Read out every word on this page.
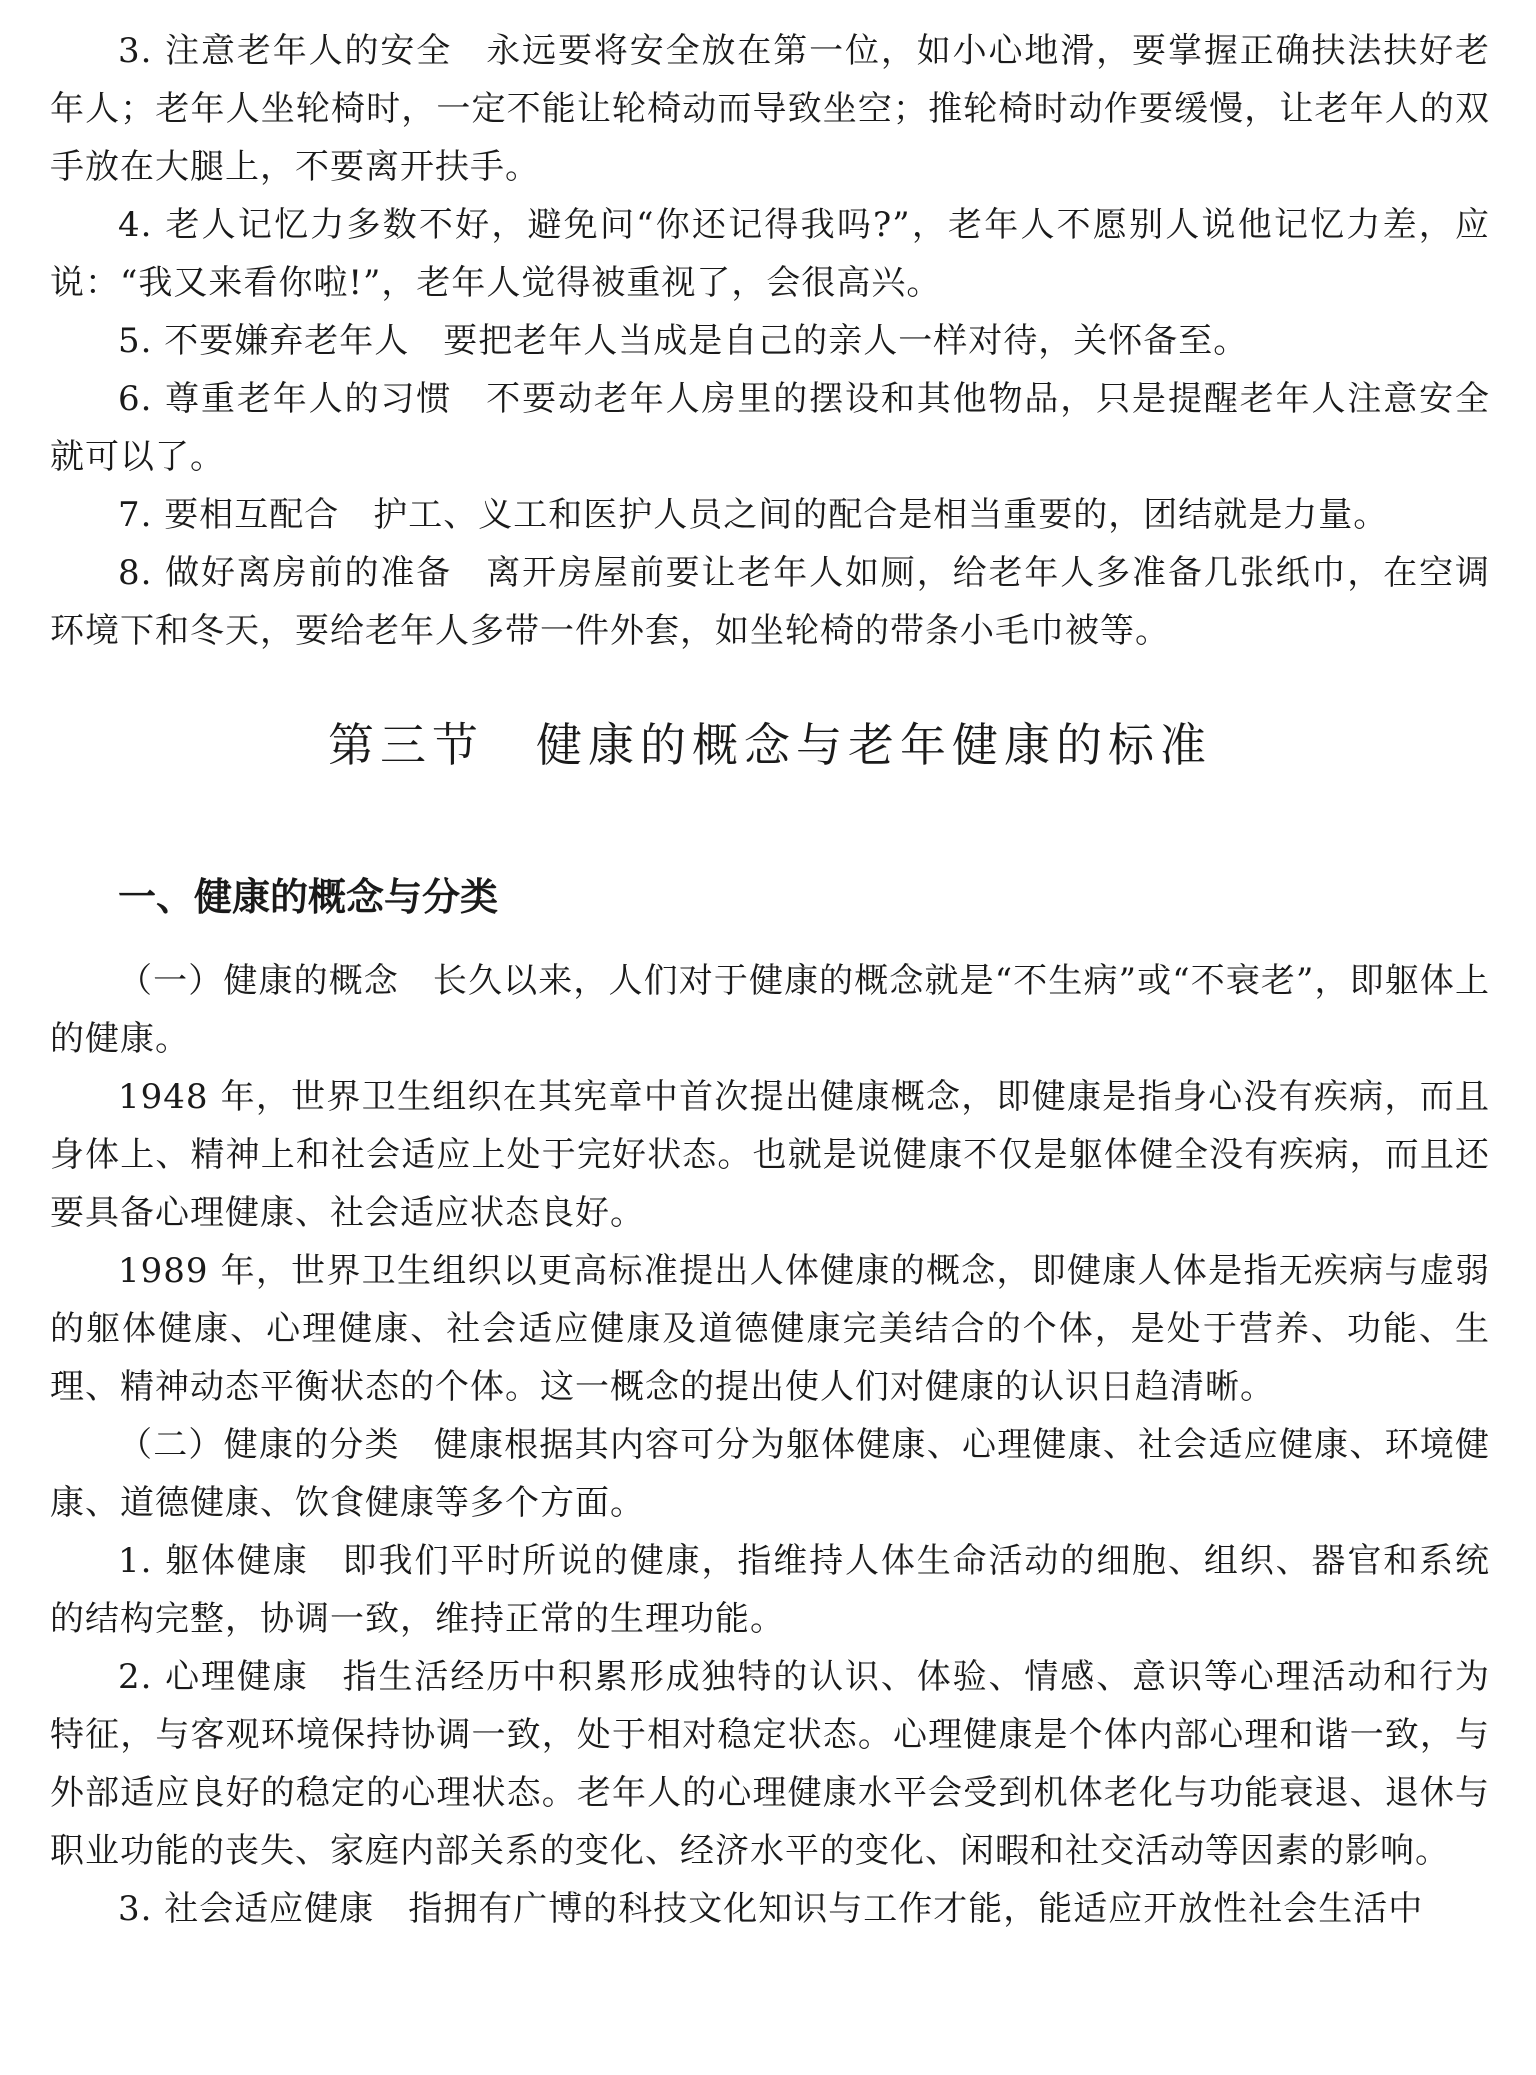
3. 注意老年人的安全 永远要将安全放在第一位，如小心地滑，要掌握正确扶法扶好老年人；老年人坐轮椅时，一定不能让轮椅动而导致坐空；推轮椅时动作要缓慢，让老年人的双手放在大腿上，不要离开扶手。

4. 老人记忆力多数不好，避免问“你还记得我吗?”，老年人不愿别人说他记忆力差，应说：“我又来看你啦!”，老年人觉得被重视了，会很高兴。

5. 不要嫌弃老年人 要把老年人当成是自己的亲人一样对待，关怀备至。

6. 尊重老年人的习惯 不要动老年人房里的摆设和其他物品，只是提醒老年人注意安全就可以了。

7. 要相互配合 护工、义工和医护人员之间的配合是相当重要的，团结就是力量。

8. 做好离房前的准备 离开房屋前要让老年人如厕，给老年人多准备几张纸巾，在空调环境下和冬天，要给老年人多带一件外套，如坐轮椅的带条小毛巾被等。

第三节　健康的概念与老年健康的标准
一、健康的概念与分类

（一）健康的概念 长久以来，人们对于健康的概念就是“不生病”或“不衰老”，即躯体上的健康。

1948 年，世界卫生组织在其宪章中首次提出健康概念，即健康是指身心没有疾病，而且身体上、精神上和社会适应上处于完好状态。也就是说健康不仅是躯体健全没有疾病，而且还要具备心理健康、社会适应状态良好。

1989 年，世界卫生组织以更高标准提出人体健康的概念，即健康人体是指无疾病与虚弱的躯体健康、心理健康、社会适应健康及道德健康完美结合的个体，是处于营养、功能、生理、精神动态平衡状态的个体。这一概念的提出使人们对健康的认识日趋清晰。

（二）健康的分类 健康根据其内容可分为躯体健康、心理健康、社会适应健康、环境健康、道德健康、饮食健康等多个方面。

1. 躯体健康 即我们平时所说的健康，指维持人体生命活动的细胞、组织、器官和系统的结构完整，协调一致，维持正常的生理功能。

2. 心理健康 指生活经历中积累形成独特的认识、体验、情感、意识等心理活动和行为特征，与客观环境保持协调一致，处于相对稳定状态。心理健康是个体内部心理和谐一致，与外部适应良好的稳定的心理状态。老年人的心理健康水平会受到机体老化与功能衰退、退休与职业功能的丧失、家庭内部关系的变化、经济水平的变化、闲暇和社交活动等因素的影响。

3. 社会适应健康 指拥有广博的科技文化知识与工作才能，能适应开放性社会生活中
